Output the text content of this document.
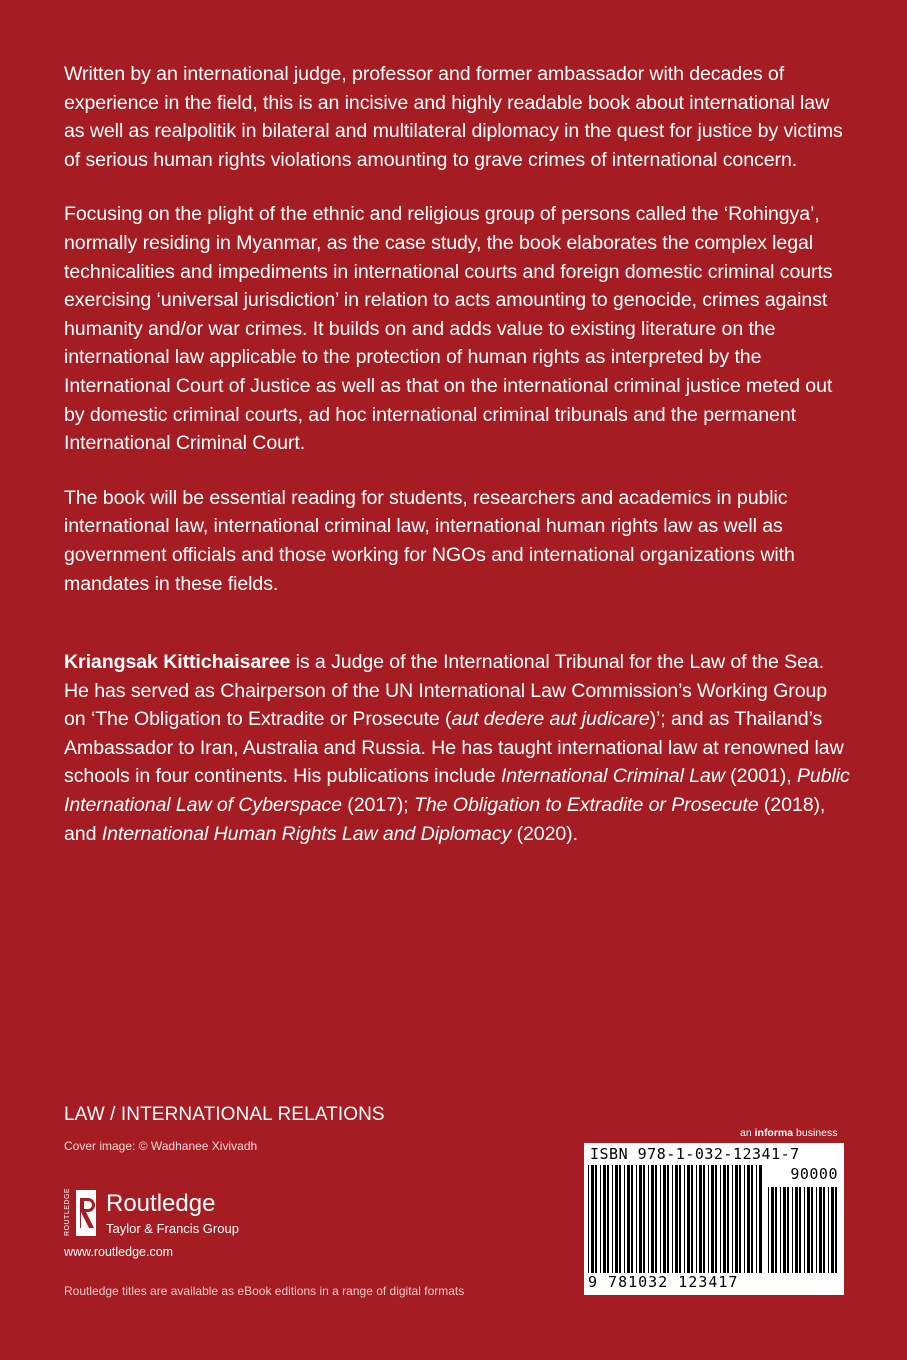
Written by an international judge, professor and former ambassador with decades of experience in the field, this is an incisive and highly readable book about international law as well as realpolitik in bilateral and multilateral diplomacy in the quest for justice by victims of serious human rights violations amounting to grave crimes of international concern.

Focusing on the plight of the ethnic and religious group of persons called the ‘Rohingya’, normally residing in Myanmar, as the case study, the book elaborates the complex legal technicalities and impediments in international courts and foreign domestic criminal courts exercising ‘universal jurisdiction’ in relation to acts amounting to genocide, crimes against humanity and/or war crimes. It builds on and adds value to existing literature on the international law applicable to the protection of human rights as interpreted by the International Court of Justice as well as that on the international criminal justice meted out by domestic criminal courts, ad hoc international criminal tribunals and the permanent International Criminal Court.

The book will be essential reading for students, researchers and academics in public international law, international criminal law, international human rights law as well as government officials and those working for NGOs and international organizations with mandates in these fields.

Kriangsak Kittichaisaree is a Judge of the International Tribunal for the Law of the Sea. He has served as Chairperson of the UN International Law Commission’s Working Group on ‘The Obligation to Extradite or Prosecute (aut dedere aut judicare)’; and as Thailand’s Ambassador to Iran, Australia and Russia. He has taught international law at renowned law schools in four continents. His publications include International Criminal Law (2001), Public International Law of Cyberspace (2017); The Obligation to Extradite or Prosecute (2018), and International Human Rights Law and Diplomacy (2020).

LAW / INTERNATIONAL RELATIONS
Cover image: © Wadhanee Xivivadh
ROUTLEDGE Routledge
Taylor & Francis Group
www.routledge.com
Routledge titles are available as eBook editions in a range of digital formats
an informa business
ISBN 978-1-032-12341-7
90000
9 781032 123417
